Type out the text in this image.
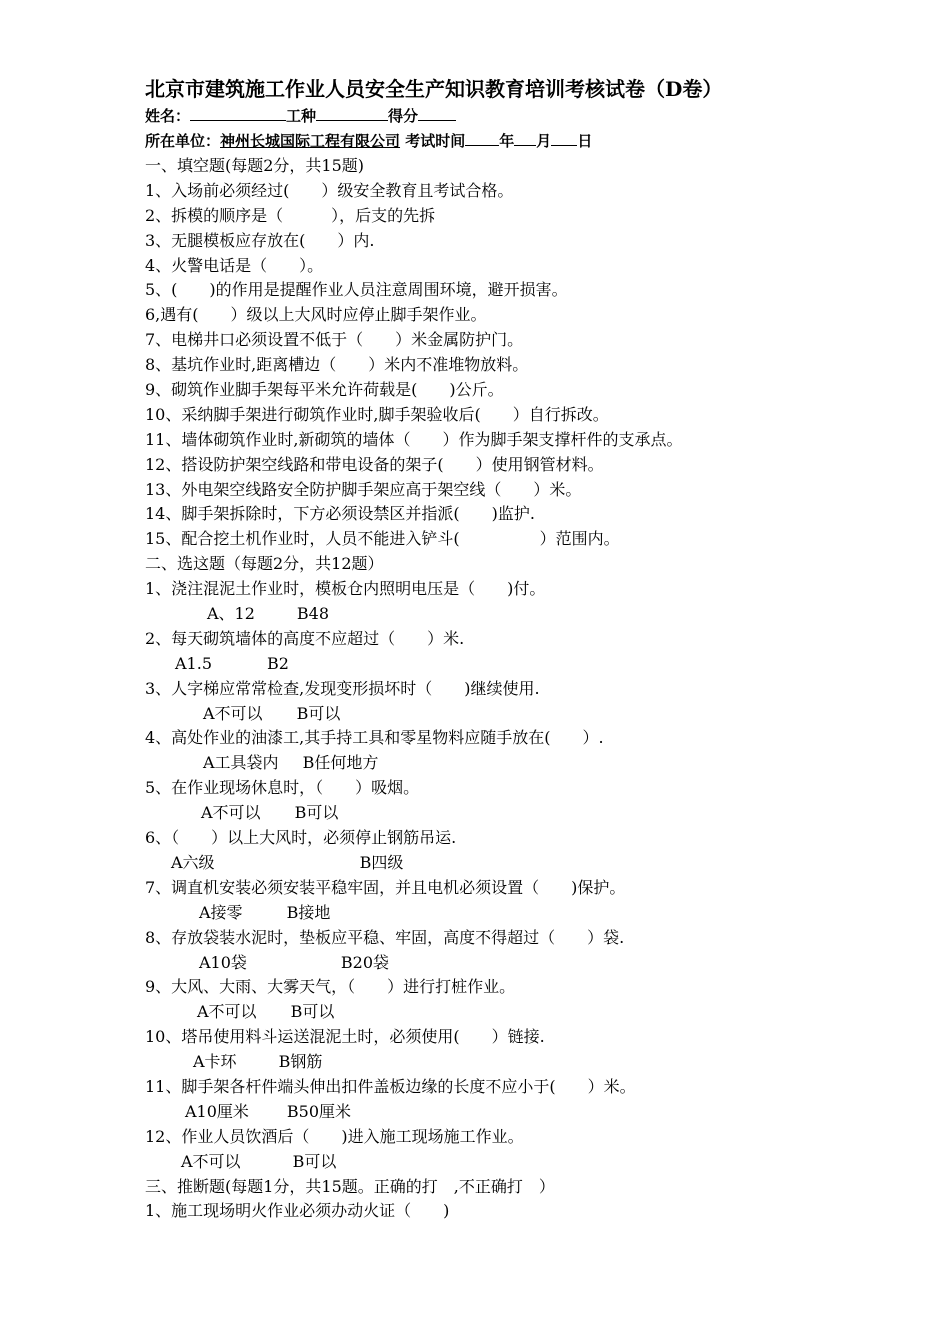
北京市建筑施工作业人员安全生产知识教育培训考核试卷（D卷）
姓名：	工种	得分
所在单位：神州长城国际工程有限公司 考试时间 年 月 日
一、填空题(每题2分，共15题)
1、入场前必须经过(　　）级安全教育且考试合格。
2、拆模的顺序是（　　　），后支的先拆
3、无腿模板应存放在(　　）内.
4、火警电话是（　　）。
5、(　　)的作用是提醒作业人员注意周围环境，避开损害。
6,遇有(　　）级以上大风时应停止脚手架作业。
7、电梯井口必须设置不低于（　　）米金属防护门。
8、基坑作业时,距离槽边（　　）米内不准堆物放料。
9、砌筑作业脚手架每平米允许荷载是(　　)公斤。
10、采纳脚手架进行砌筑作业时,脚手架验收后(　　）自行拆改。
11、墙体砌筑作业时,新砌筑的墙体（　　）作为脚手架支撑杆件的支承点。
12、搭设防护架空线路和带电设备的架子(　　）使用钢管材料。
13、外电架空线路安全防护脚手架应高于架空线（　　）米。
14、脚手架拆除时，下方必须设禁区并指派(　　)监护.
15、配合挖土机作业时，人员不能进入铲斗(　　　　　）范围内。
二、选这题（每题2分，共12题）
1、浇注混泥土作业时，模板仓内照明电压是（　　)付。
A、12	B48
2、每天砌筑墙体的高度不应超过（　　）米.
A1.5	B2
3、人字梯应常常检查,发现变形损坏时（　　)继续使用.
A不可以 B可以
4、高处作业的油漆工,其手持工具和零星物料应随手放在(　　）.
A工具袋内 B任何地方
5、在作业现场休息时，（　　）吸烟。
A不可以 B可以
6、（　　）以上大风时，必须停止钢筋吊运.
A六级	B四级
7、调直机安装必须安装平稳牢固，并且电机必须设置（　　)保护。
A接零	B接地
8、存放袋装水泥时，垫板应平稳、牢固，高度不得超过（　　）袋.
A10袋	B20袋
9、大风、大雨、大雾天气，（　　）进行打桩作业。
A不可以 B可以
10、塔吊使用料斗运送混泥土时，必须使用(　　）链接.
A卡环	B钢筋
11、脚手架各杆件端头伸出扣件盖板边缘的长度不应小于(　　）米。
A10厘米 B50厘米
12、作业人员饮酒后（　　)进入施工现场施工作业。
A不可以	B可以
三、推断题(每题1分，共15题。正确的打　,不正确打　）
1、施工现场明火作业必须办动火证（　　)
